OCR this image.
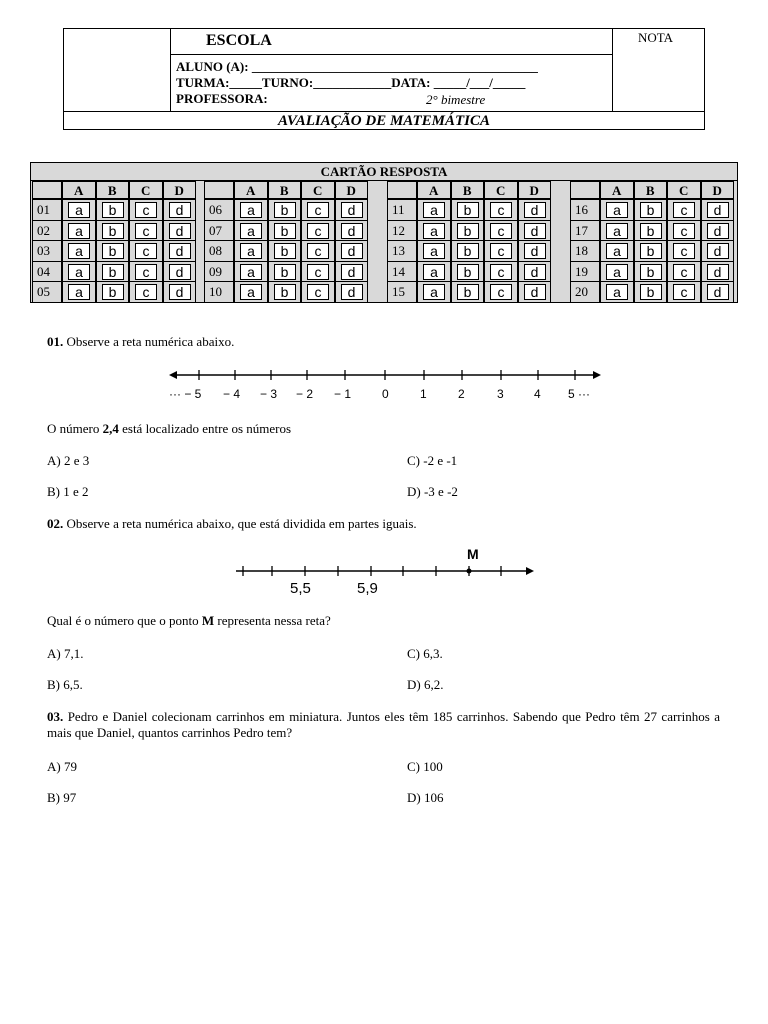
ESCOLA
ALUNO (A): ____________________________________________
TURMA:_____TURNO:____________DATA: _____/___/_____
PROFESSORA:	2° bimestre
NOTA
AVALIAÇÃO DE MATEMÁTICA
CARTÃO RESPOSTA
A	B	C	D
01	a	b	c	d
02	a	b	c	d
03	a	b	c	d
04	a	b	c	d
05	a	b	c	d
A	B	C	D
06	a	b	c	d
07	a	b	c	d
08	a	b	c	d
09	a	b	c	d
10	a	b	c	d
A	B	C	D
11	a	b	c	d
12	a	b	c	d
13	a	b	c	d
14	a	b	c	d
15	a	b	c	d
A	B	C	D
16	a	b	c	d
17	a	b	c	d
18	a	b	c	d
19	a	b	c	d
20	a	b	c	d
01. Observe a reta numérica abaixo.
··· − 5 − 4 − 3 − 2 − 1	0	1	2	3	4 5 ···
O número 2,4 está localizado entre os números
A) 2 e 3	C) -2 e -1
B) 1 e 2	D) -3 e -2
02. Observe a reta numérica abaixo, que está dividida em partes iguais.
M
5,5	5,9
Qual é o número que o ponto M representa nessa reta?
A) 7,1.	C) 6,3.
B) 6,5.	D) 6,2.
03. Pedro e Daniel colecionam carrinhos em miniatura. Juntos eles têm 185 carrinhos. Sabendo que Pedro têm 27 carrinhos a mais que Daniel, quantos carrinhos Pedro tem?
A) 79	C) 100
B) 97	D) 106
